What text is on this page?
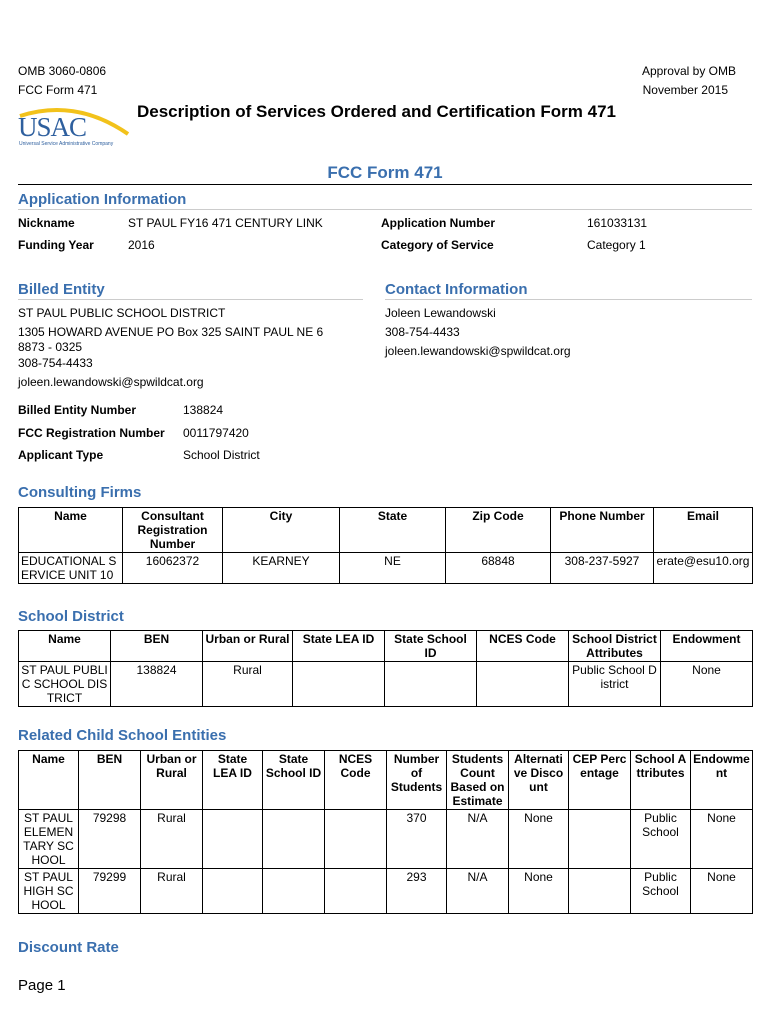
OMB 3060-0806
FCC Form 471
Approval by OMB
November 2015
USAC
Universal Service Administrative Company
Description of Services Ordered and Certification Form 471
FCC Form 471
Application Information
Nickname	ST PAUL FY16 471 CENTURY LINK
Funding Year	2016
Application Number	161033131
Category of Service	Category 1
Billed Entity
ST PAUL PUBLIC SCHOOL DISTRICT
1305 HOWARD AVENUE PO Box 325 SAINT PAUL NE 6
8873 - 0325
308-754-4433
joleen.lewandowski@spwildcat.org
Contact Information
Joleen Lewandowski
308-754-4433
joleen.lewandowski@spwildcat.org
Billed Entity Number	138824
FCC Registration Number 0011797420
Applicant Type	School District
Consulting Firms
Name	Consultant Registration Number	City	State	Zip Code	Phone Number	Email
EDUCATIONAL SERVICE UNIT 10	16062372	KEARNEY	NE	68848	308-237-5927	erate@esu10.org
School District
Name	BEN	Urban or Rural	State LEA ID	State School ID	NCES Code	School District Attributes	Endowment
ST PAUL PUBLIC SCHOOL DISTRICT	138824	Rural				Public School District	None
Related Child School Entities
Name	BEN	Urban or Rural	State LEA ID	State School ID	NCES Code	Number of Students	Students Count Based on Estimate	Alternative Discount	CEP Percentage	School Attributes	Endowment
ST PAUL ELEMENTARY SCHOOL	79298	Rural				370	N/A	None		Public School	None
ST PAUL HIGH SCHOOL	79299	Rural				293	N/A	None		Public School	None
Discount Rate
Page 1
